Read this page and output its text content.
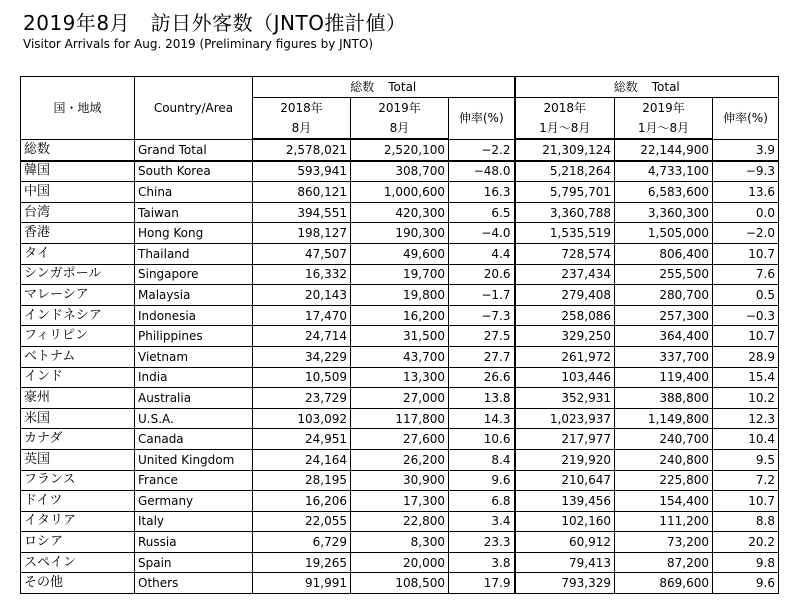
2019年8月　訪日外客数（JNTO推計値）
Visitor Arrivals for Aug. 2019 (Preliminary figures by JNTO)
国・地域	Country/Area	総数 Total			総数 Total		
		2018年	2019年	伸率(%)	2018年	2019年	伸率(%)
		8月	8月		1月～8月	1月～8月	
総数	Grand Total	2,578,021	2,520,100	−2.2	21,309,124	22,144,900	3.9
韓国	South Korea	593,941	308,700	−48.0	5,218,264	4,733,100	−9.3
中国	China	860,121	1,000,600	16.3	5,795,701	6,583,600	13.6
台湾	Taiwan	394,551	420,300	6.5	3,360,788	3,360,300	0.0
香港	Hong Kong	198,127	190,300	−4.0	1,535,519	1,505,000	−2.0
タイ	Thailand	47,507	49,600	4.4	728,574	806,400	10.7
シンガポール	Singapore	16,332	19,700	20.6	237,434	255,500	7.6
マレーシア	Malaysia	20,143	19,800	−1.7	279,408	280,700	0.5
インドネシア	Indonesia	17,470	16,200	−7.3	258,086	257,300	−0.3
フィリピン	Philippines	24,714	31,500	27.5	329,250	364,400	10.7
ベトナム	Vietnam	34,229	43,700	27.7	261,972	337,700	28.9
インド	India	10,509	13,300	26.6	103,446	119,400	15.4
豪州	Australia	23,729	27,000	13.8	352,931	388,800	10.2
米国	U.S.A.	103,092	117,800	14.3	1,023,937	1,149,800	12.3
カナダ	Canada	24,951	27,600	10.6	217,977	240,700	10.4
英国	United Kingdom	24,164	26,200	8.4	219,920	240,800	9.5
フランス	France	28,195	30,900	9.6	210,647	225,800	7.2
ドイツ	Germany	16,206	17,300	6.8	139,456	154,400	10.7
イタリア	Italy	22,055	22,800	3.4	102,160	111,200	8.8
ロシア	Russia	6,729	8,300	23.3	60,912	73,200	20.2
スペイン	Spain	19,265	20,000	3.8	79,413	87,200	9.8
その他	Others	91,991	108,500	17.9	793,329	869,600	9.6
